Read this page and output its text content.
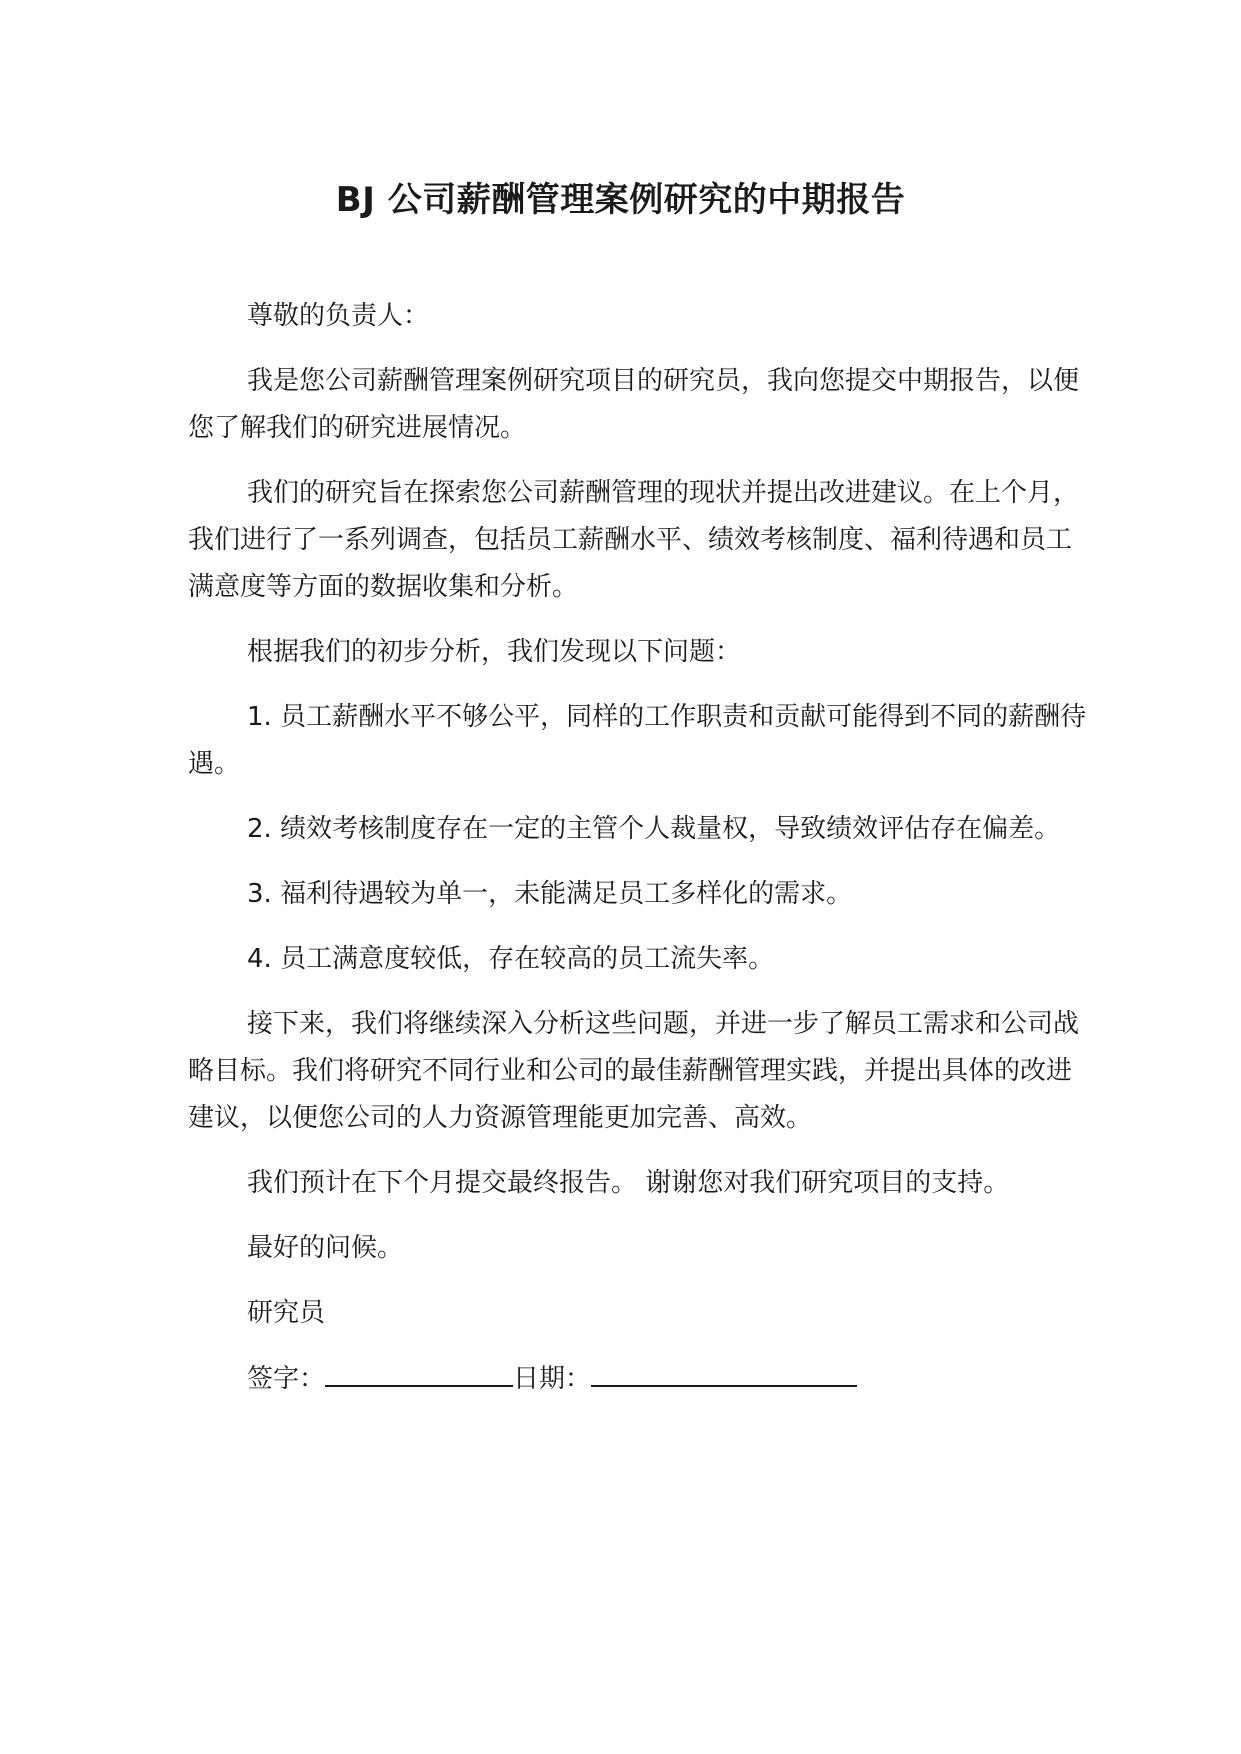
BJ 公司薪酬管理案例研究的中期报告

尊敬的负责人：

我是您公司薪酬管理案例研究项目的研究员，我向您提交中期报告，以便您了解我们的研究进展情况。

我们的研究旨在探索您公司薪酬管理的现状并提出改进建议。在上个月，我们进行了一系列调查，包括员工薪酬水平、绩效考核制度、福利待遇和员工满意度等方面的数据收集和分析。

根据我们的初步分析，我们发现以下问题：

1. 员工薪酬水平不够公平，同样的工作职责和贡献可能得到不同的薪酬待遇。

2. 绩效考核制度存在一定的主管个人裁量权，导致绩效评估存在偏差。

3. 福利待遇较为单一，未能满足员工多样化的需求。

4. 员工满意度较低，存在较高的员工流失率。

接下来，我们将继续深入分析这些问题，并进一步了解员工需求和公司战略目标。我们将研究不同行业和公司的最佳薪酬管理实践，并提出具体的改进建议，以便您公司的人力资源管理能更加完善、高效。

我们预计在下个月提交最终报告。 谢谢您对我们研究项目的支持。

最好的问候。

研究员

签字：	日期：
